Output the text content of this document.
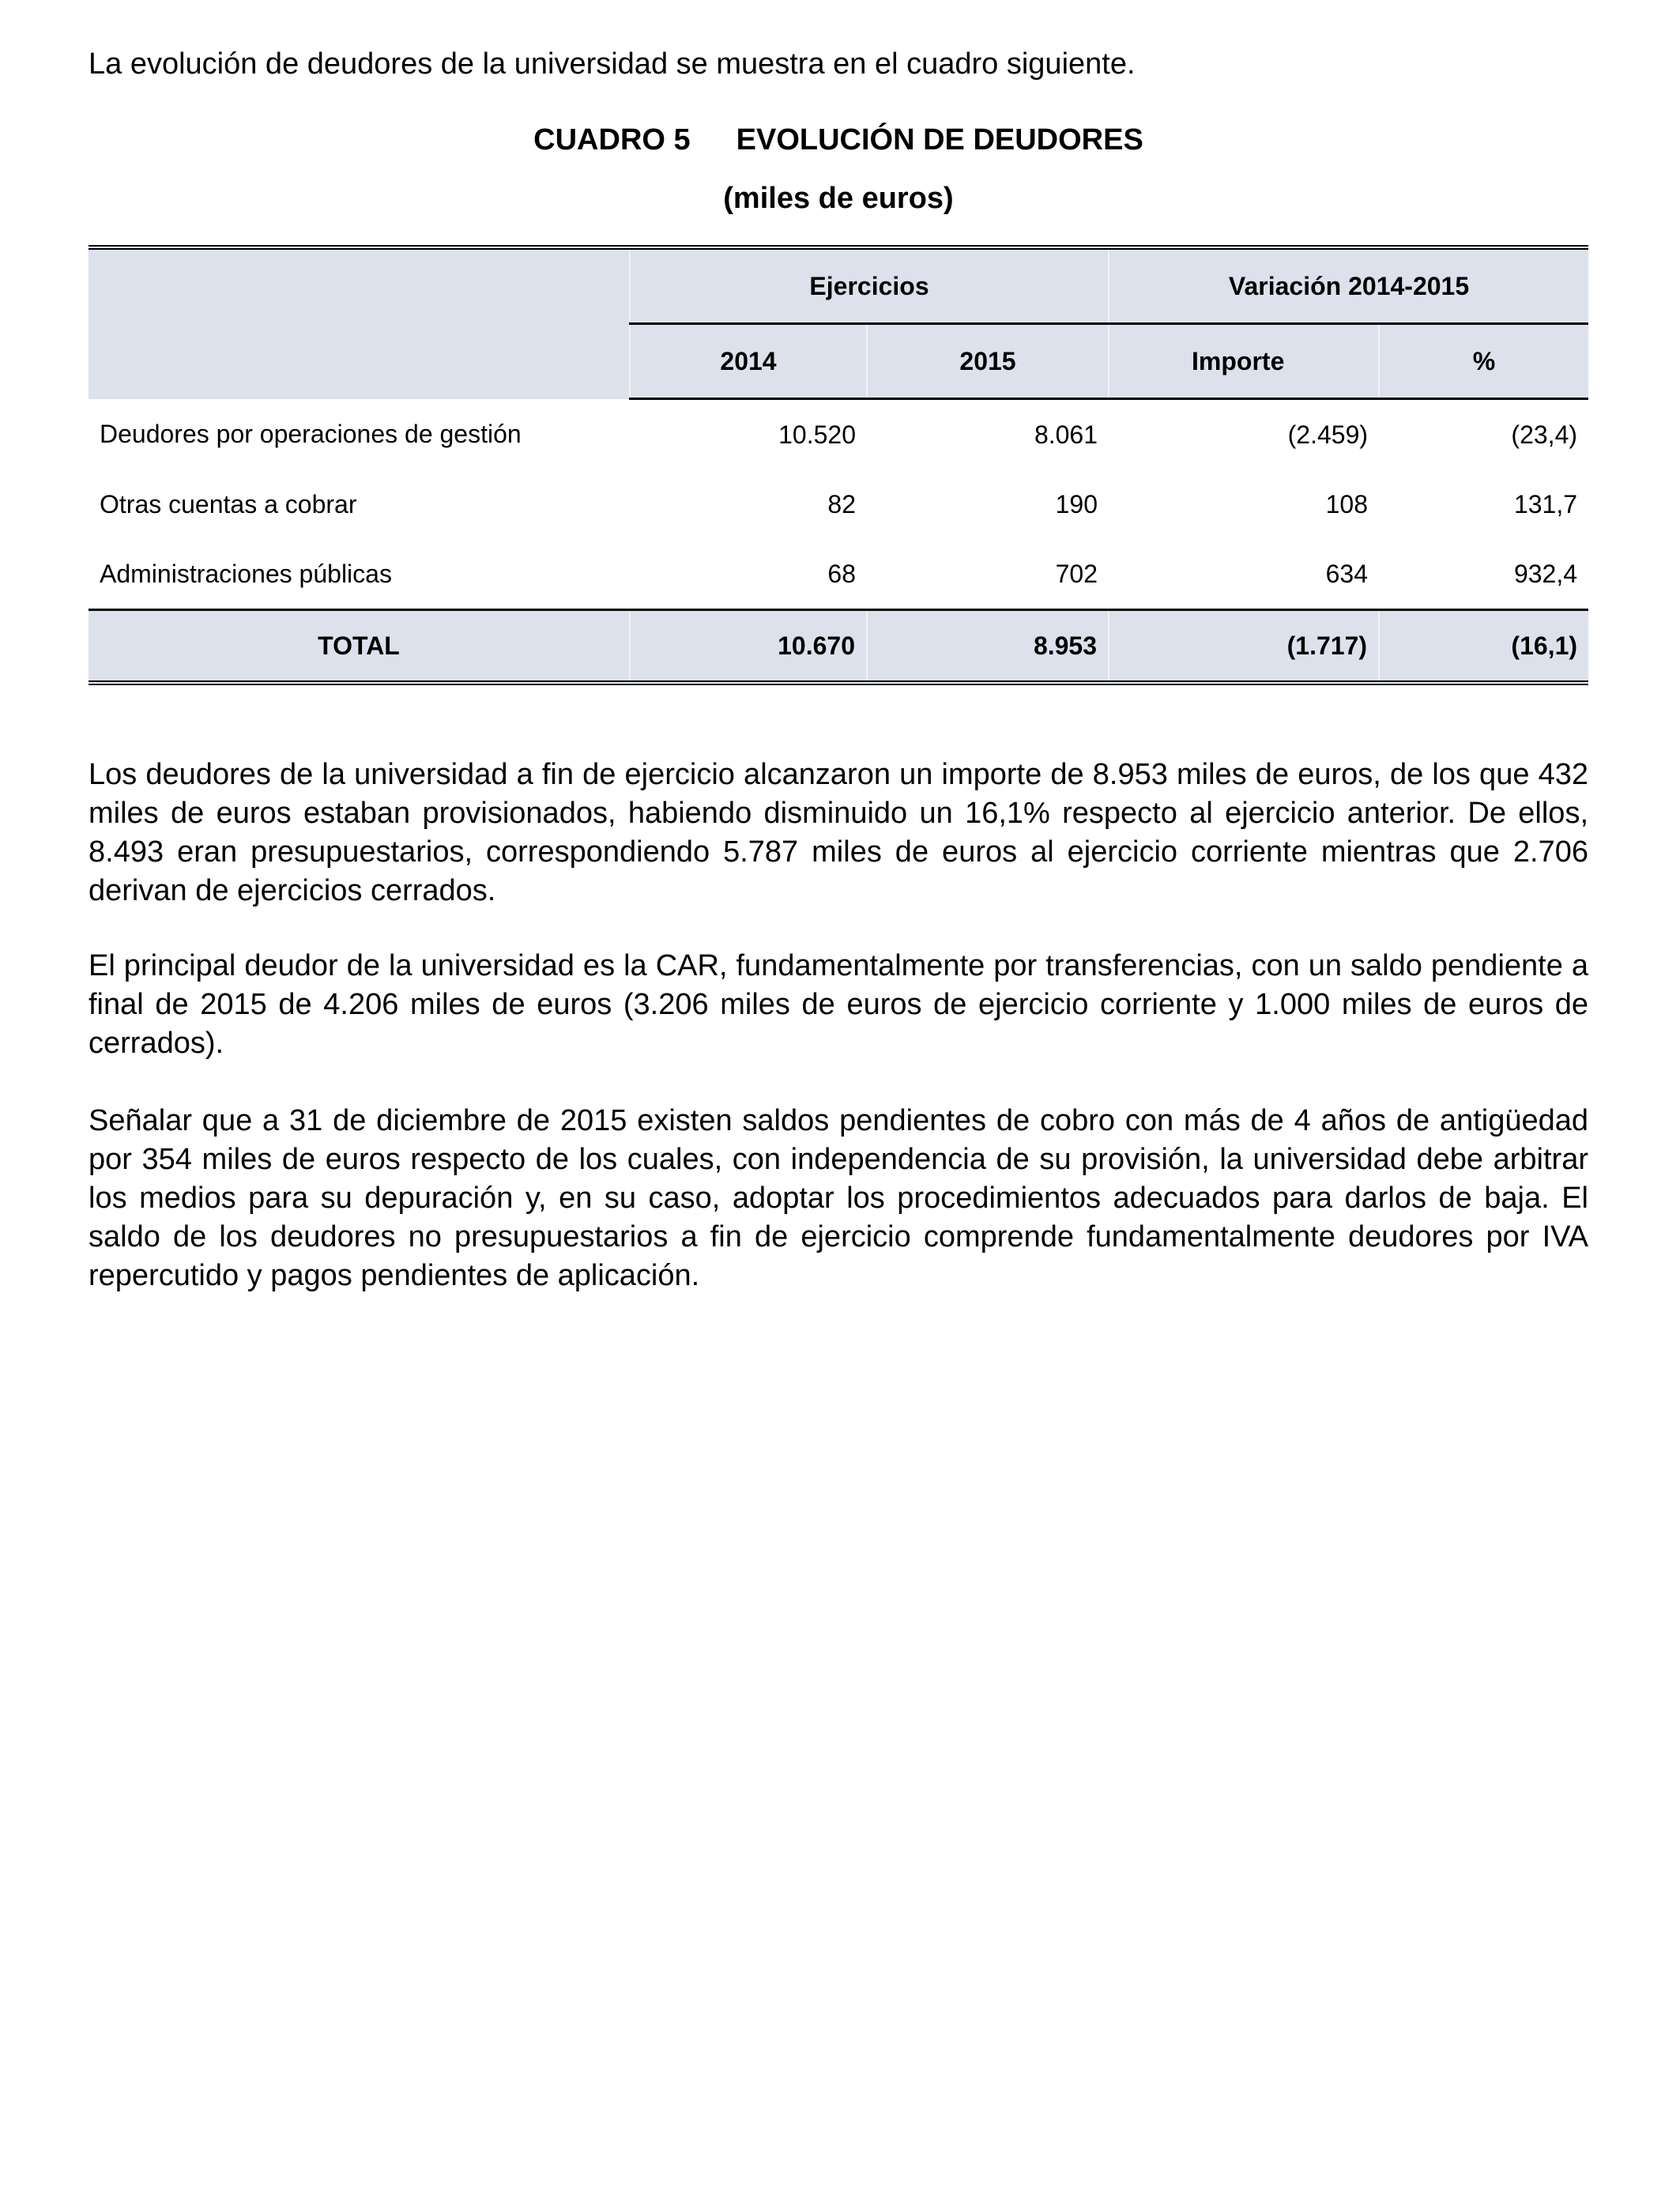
La evolución de deudores de la universidad se muestra en el cuadro siguiente.
CUADRO 5 EVOLUCIÓN DE DEUDORES
(miles de euros)
	Ejercicios		Variación 2014-2015	
	2014	2015	Importe	%
Deudores por operaciones de gestión	10.520	8.061	(2.459)	(23,4)
Otras cuentas a cobrar	82	190	108	131,7
Administraciones públicas	68	702	634	932,4
TOTAL	10.670	8.953	(1.717)	(16,1)

Los deudores de la universidad a fin de ejercicio alcanzaron un importe de 8.953 miles de euros, de los que 432 miles de euros estaban provisionados, habiendo disminuido un 16,1% respecto al ejercicio anterior. De ellos, 8.493 eran presupuestarios, correspondiendo 5.787 miles de euros al ejercicio corriente mientras que 2.706 derivan de ejercicios cerrados.

El principal deudor de la universidad es la CAR, fundamentalmente por transferencias, con un saldo pendiente a final de 2015 de 4.206 miles de euros (3.206 miles de euros de ejercicio corriente y 1.000 miles de euros de cerrados).

Señalar que a 31 de diciembre de 2015 existen saldos pendientes de cobro con más de 4 años de antigüedad por 354 miles de euros respecto de los cuales, con independencia de su provisión, la universidad debe arbitrar los medios para su depuración y, en su caso, adoptar los procedimientos adecuados para darlos de baja. El saldo de los deudores no presupuestarios a fin de ejercicio comprende fundamentalmente deudores por IVA repercutido y pagos pendientes de aplicación.
